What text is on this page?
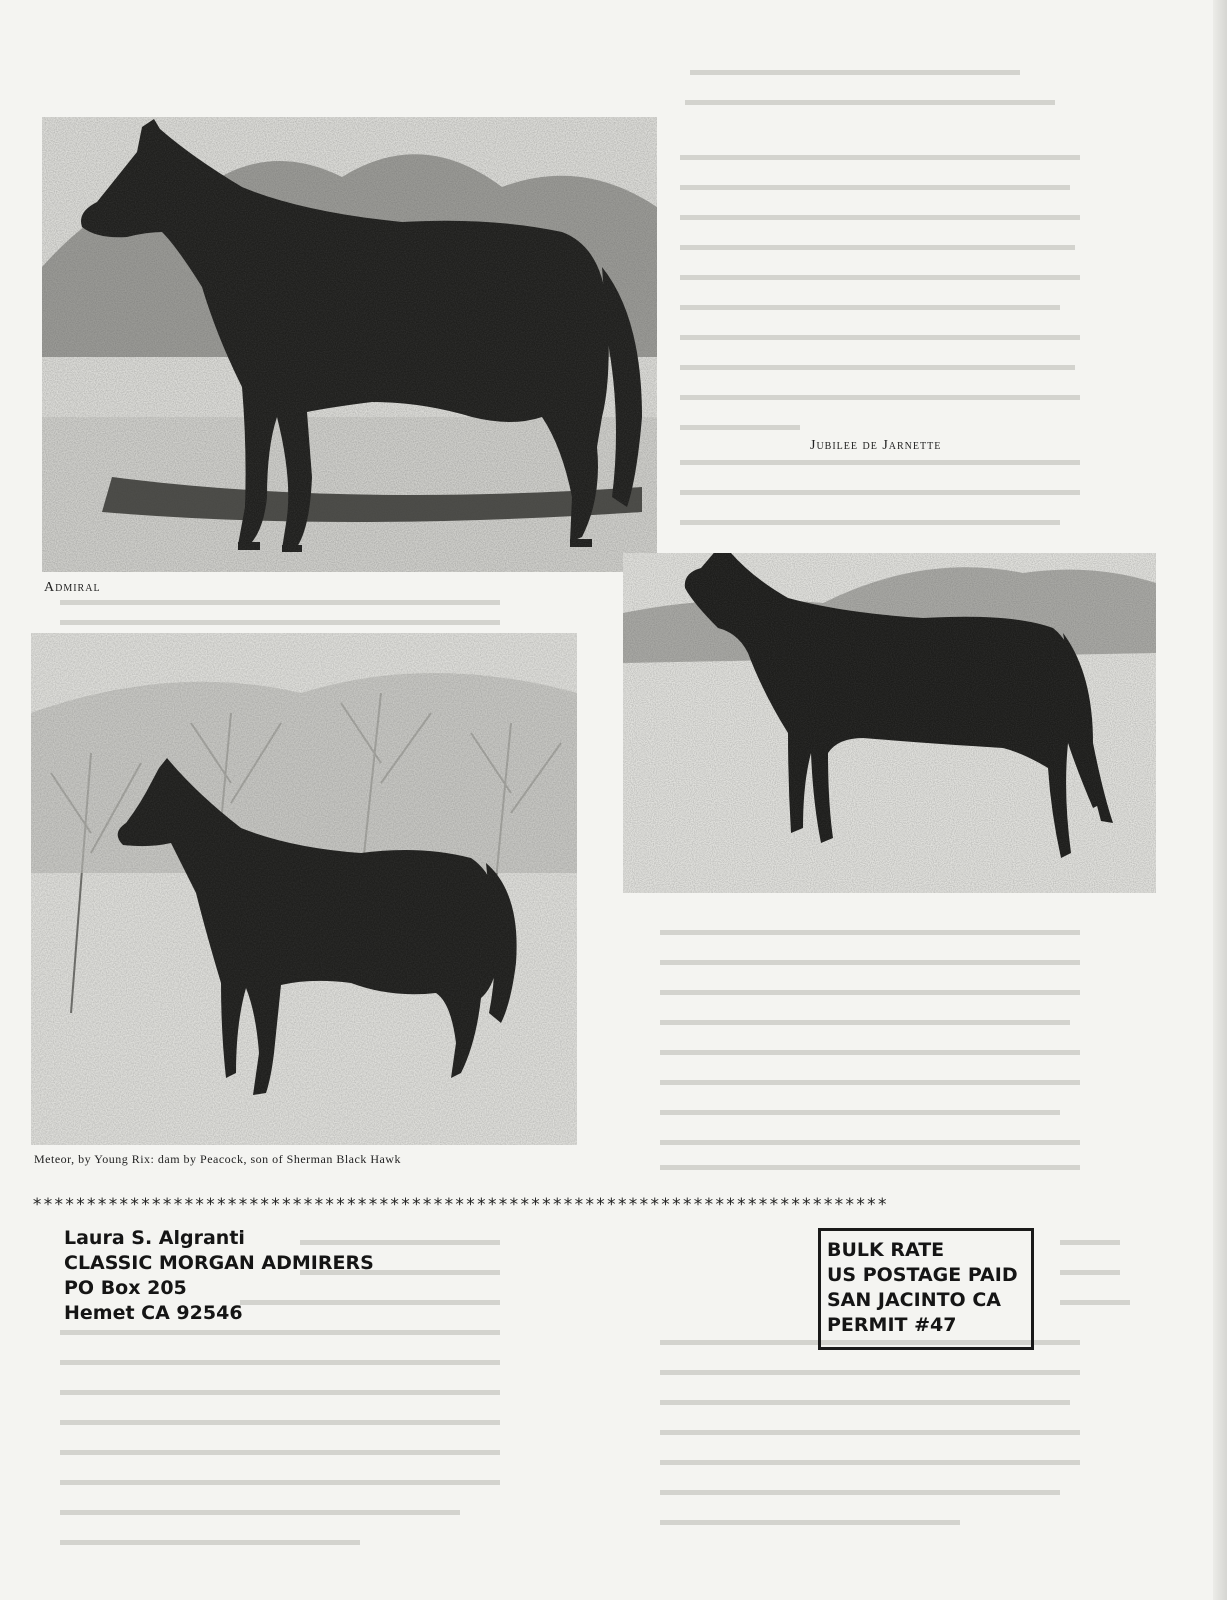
Admiral
Jubilee de Jarnette
Meteor, by Young Rix: dam by Peacock, son of Sherman Black Hawk
*******************************************************************************
Laura S. Algranti
CLASSIC MORGAN ADMIRERS
PO Box 205
Hemet CA 92546
BULK RATE
US POSTAGE PAID
SAN JACINTO CA
PERMIT #47
